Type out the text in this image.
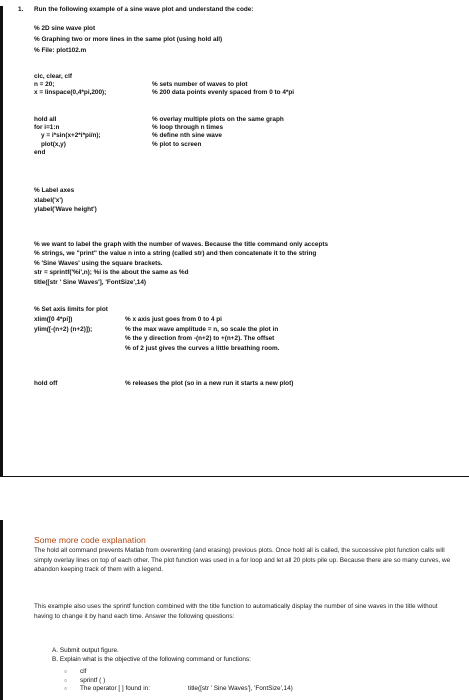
1. Run the following example of a sine wave plot and understand the code:
% 2D sine wave plot
% Graphing two or more lines in the same plot (using hold all)
% File: plot102.m
clc, clear, clf
n = 20;
x = linspace(0,4*pi,200);
% sets number of waves to plot
% 200 data points evenly spaced from 0 to 4*pi
hold all
for i=1:n
y = i*sin(x+2*i*pi/n);
plot(x,y)
end
% overlay multiple plots on the same graph
% loop through n times
% define nth sine wave
% plot to screen
% Label axes
xlabel('x')
ylabel('Wave height')
% we want to label the graph with the number of waves. Because the title command only accepts
% strings, we "print" the value n into a string (called str) and then concatenate it to the string
% 'Sine Waves' using the square brackets.
str = sprintf('%i',n); %i is the about the same as %d
title([str ' Sine Waves'], 'FontSize',14)
% Set axis limits for plot
xlim([0 4*pi])
ylim([-(n+2) (n+2)]);
% x axis just goes from 0 to 4 pi
% the max wave amplitude = n, so scale the plot in
% the y direction from -(n+2) to +(n+2). The offset
% of 2 just gives the curves a little breathing room.
hold off	% releases the plot (so in a new run it starts a new plot)
Some more code explanation
The hold all command prevents Matlab from overwriting (and erasing) previous plots. Once hold all is called, the successive plot function calls will simply overlay lines on top of each other. The plot function was used in a for loop and let all 20 plots pile up. Because there are so many curves, we abandon keeping track of them with a legend.
This example also uses the sprintf function combined with the title function to automatically display the number of sine waves in the title without having to change it by hand each time. Answer the following questions:
A. Submit output figure.
B. Explain what is the objective of the following command or functions:
○ clf
○ sprintf ( )
○ The operator [ ] found in:	title([str ' Sine Waves'], 'FontSize',14)
